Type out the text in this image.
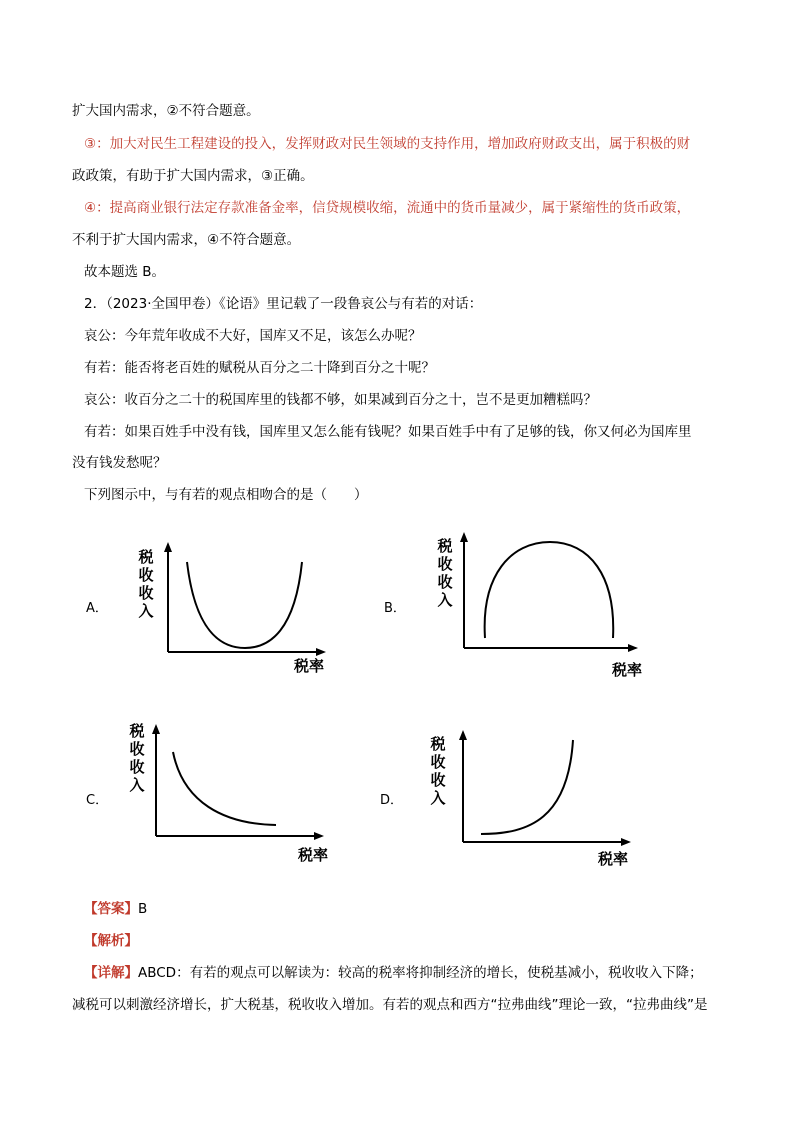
扩大国内需求，②不符合题意。
③：加大对民生工程建设的投入，发挥财政对民生领域的支持作用，增加政府财政支出，属于积极的财
政政策，有助于扩大国内需求，③正确。
④：提高商业银行法定存款准备金率，信贷规模收缩，流通中的货币量减少，属于紧缩性的货币政策，
不利于扩大国内需求，④不符合题意。
故本题选 B。
2．（2023·全国甲卷）《论语》里记载了一段鲁哀公与有若的对话：
哀公：今年荒年收成不大好，国库又不足，该怎么办呢？
有若：能否将老百姓的赋税从百分之二十降到百分之十呢？
哀公：收百分之二十的税国库里的钱都不够，如果减到百分之十，岂不是更加糟糕吗？
有若：如果百姓手中没有钱，国库里又怎么能有钱呢？如果百姓手中有了足够的钱，你又何必为国库里
没有钱发愁呢？
下列图示中，与有若的观点相吻合的是（　　）
A．
税
收
收
入
税率
B．
税
收
收
入
税率
C．
税
收
收
入
税率
D．
税
收
收
入
税率
【答案】B
【解析】
【详解】ABCD：有若的观点可以解读为：较高的税率将抑制经济的增长，使税基减小，税收收入下降；
减税可以刺激经济增长，扩大税基，税收收入增加。有若的观点和西方“拉弗曲线”理论一致，“拉弗曲线”是
